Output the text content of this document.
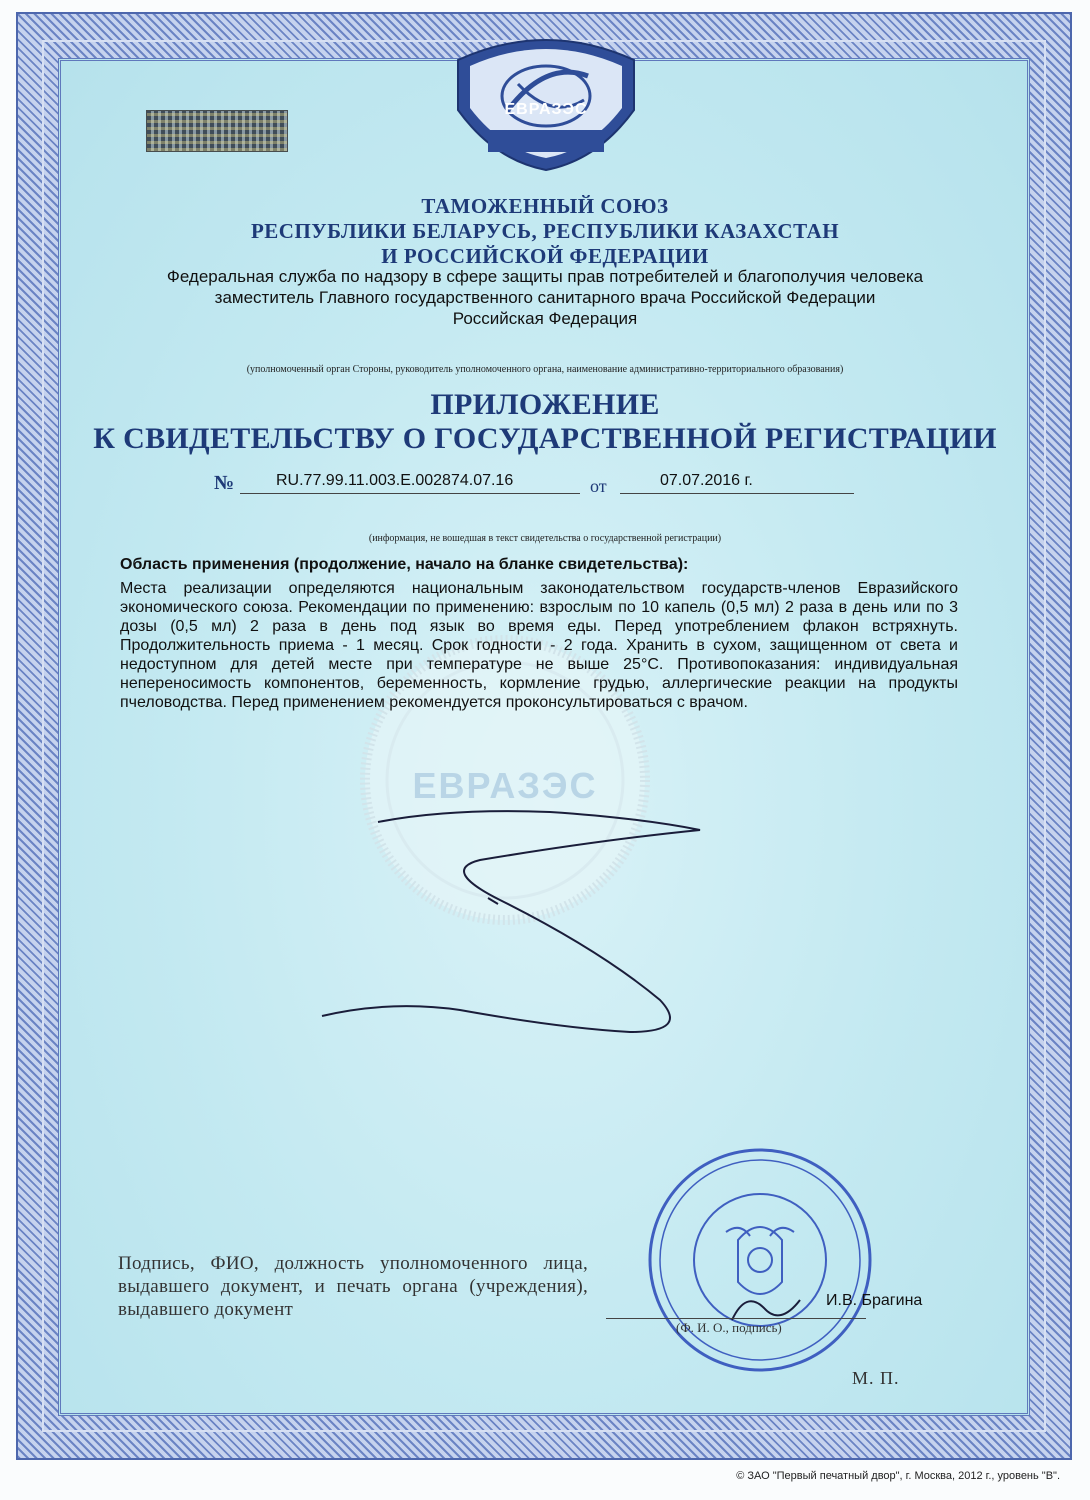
ЕВРАЗЭС
ЕВРАЗЭС
ТАМОЖЕННЫЙ СОЮЗ
РЕСПУБЛИКИ БЕЛАРУСЬ, РЕСПУБЛИКИ КАЗАХСТАН
И РОССИЙСКОЙ ФЕДЕРАЦИИ
Федеральная служба по надзору в сфере защиты прав потребителей и благополучия человека
заместитель Главного государственного санитарного врача Российской Федерации
Российская Федерация
(уполномоченный орган Стороны, руководитель уполномоченного органа, наименование административно-территориального образования)
ПРИЛОЖЕНИЕ
К СВИДЕТЕЛЬСТВУ О ГОСУДАРСТВЕННОЙ РЕГИСТРАЦИИ
№	RU.77.99.11.003.E.002874.07.16	от	07.07.2016 г.
(информация, не вошедшая в текст свидетельства о государственной регистрации)
Область применения (продолжение, начало на бланке свидетельства):
Места реализации определяются национальным законодательством государств-членов Евразийского экономического союза. Рекомендации по применению: взрослым по 10 капель (0,5 мл) 2 раза в день или по 3 дозы (0,5 мл) 2 раза в день под язык во время еды. Перед употреблением флакон встряхнуть. Продолжительность приема - 1 месяц. Срок годности - 2 года. Хранить в сухом, защищенном от света и недоступном для детей месте при температуре не выше 25°C. Противопоказания: индивидуальная непереносимость компонентов, беременность, кормление грудью, аллергические реакции на продукты пчеловодства. Перед применением рекомендуется проконсультироваться с врачом.
Подпись, ФИО, должность уполномоченного лица, выдавшего документ, и печать органа (учреждения), выдавшего документ	И.В. Брагина
(Ф. И. О., подпись)
М. П.
© ЗАО "Первый печатный двор", г. Москва, 2012 г., уровень "В".
